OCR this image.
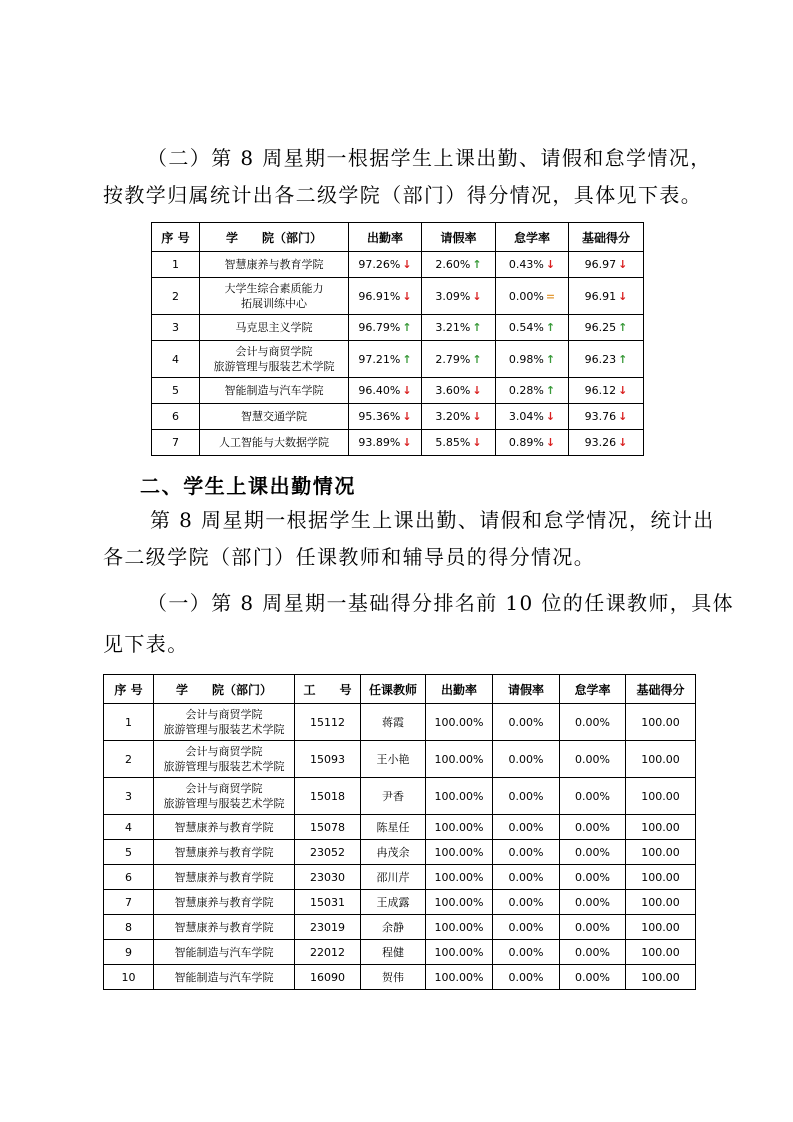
（二）第 8 周星期一根据学生上课出勤、请假和怠学情况，
按教学归属统计出各二级学院（部门）得分情况，具体见下表。
序 号	学　　院（部门）	出勤率	请假率	怠学率	基础得分
1	智慧康养与教育学院	97.26% ↓	2.60% ↑	0.43% ↓	96.97 ↓
2	大学生综合素质能力
拓展训练中心	96.91% ↓	3.09% ↓	0.00% =	96.91 ↓
3	马克思主义学院	96.79% ↑	3.21% ↑	0.54% ↑	96.25 ↑
4	会计与商贸学院
旅游管理与服装艺术学院	97.21% ↑	2.79% ↑	0.98% ↑	96.23 ↑
5	智能制造与汽车学院	96.40% ↓	3.60% ↓	0.28% ↑	96.12 ↓
6	智慧交通学院	95.36% ↓	3.20% ↓	3.04% ↓	93.76 ↓
7	人工智能与大数据学院	93.89% ↓	5.85% ↓	0.89% ↓	93.26 ↓
二、学生上课出勤情况
第 8 周星期一根据学生上课出勤、请假和怠学情况，统计出
各二级学院（部门）任课教师和辅导员的得分情况。
（一）第 8 周星期一基础得分排名前 10 位的任课教师，具体
见下表。
序 号	学　　院（部门）	工　　号	任课教师	出勤率	请假率	怠学率	基础得分
1	会计与商贸学院
旅游管理与服装艺术学院	15112	蒋霞	100.00%	0.00%	0.00%	100.00
2	会计与商贸学院
旅游管理与服装艺术学院	15093	王小艳	100.00%	0.00%	0.00%	100.00
3	会计与商贸学院
旅游管理与服装艺术学院	15018	尹香	100.00%	0.00%	0.00%	100.00
4	智慧康养与教育学院	15078	陈星任	100.00%	0.00%	0.00%	100.00
5	智慧康养与教育学院	23052	冉茂余	100.00%	0.00%	0.00%	100.00
6	智慧康养与教育学院	23030	邵川芹	100.00%	0.00%	0.00%	100.00
7	智慧康养与教育学院	15031	王成露	100.00%	0.00%	0.00%	100.00
8	智慧康养与教育学院	23019	余静	100.00%	0.00%	0.00%	100.00
9	智能制造与汽车学院	22012	程健	100.00%	0.00%	0.00%	100.00
10	智能制造与汽车学院	16090	贺伟	100.00%	0.00%	0.00%	100.00
